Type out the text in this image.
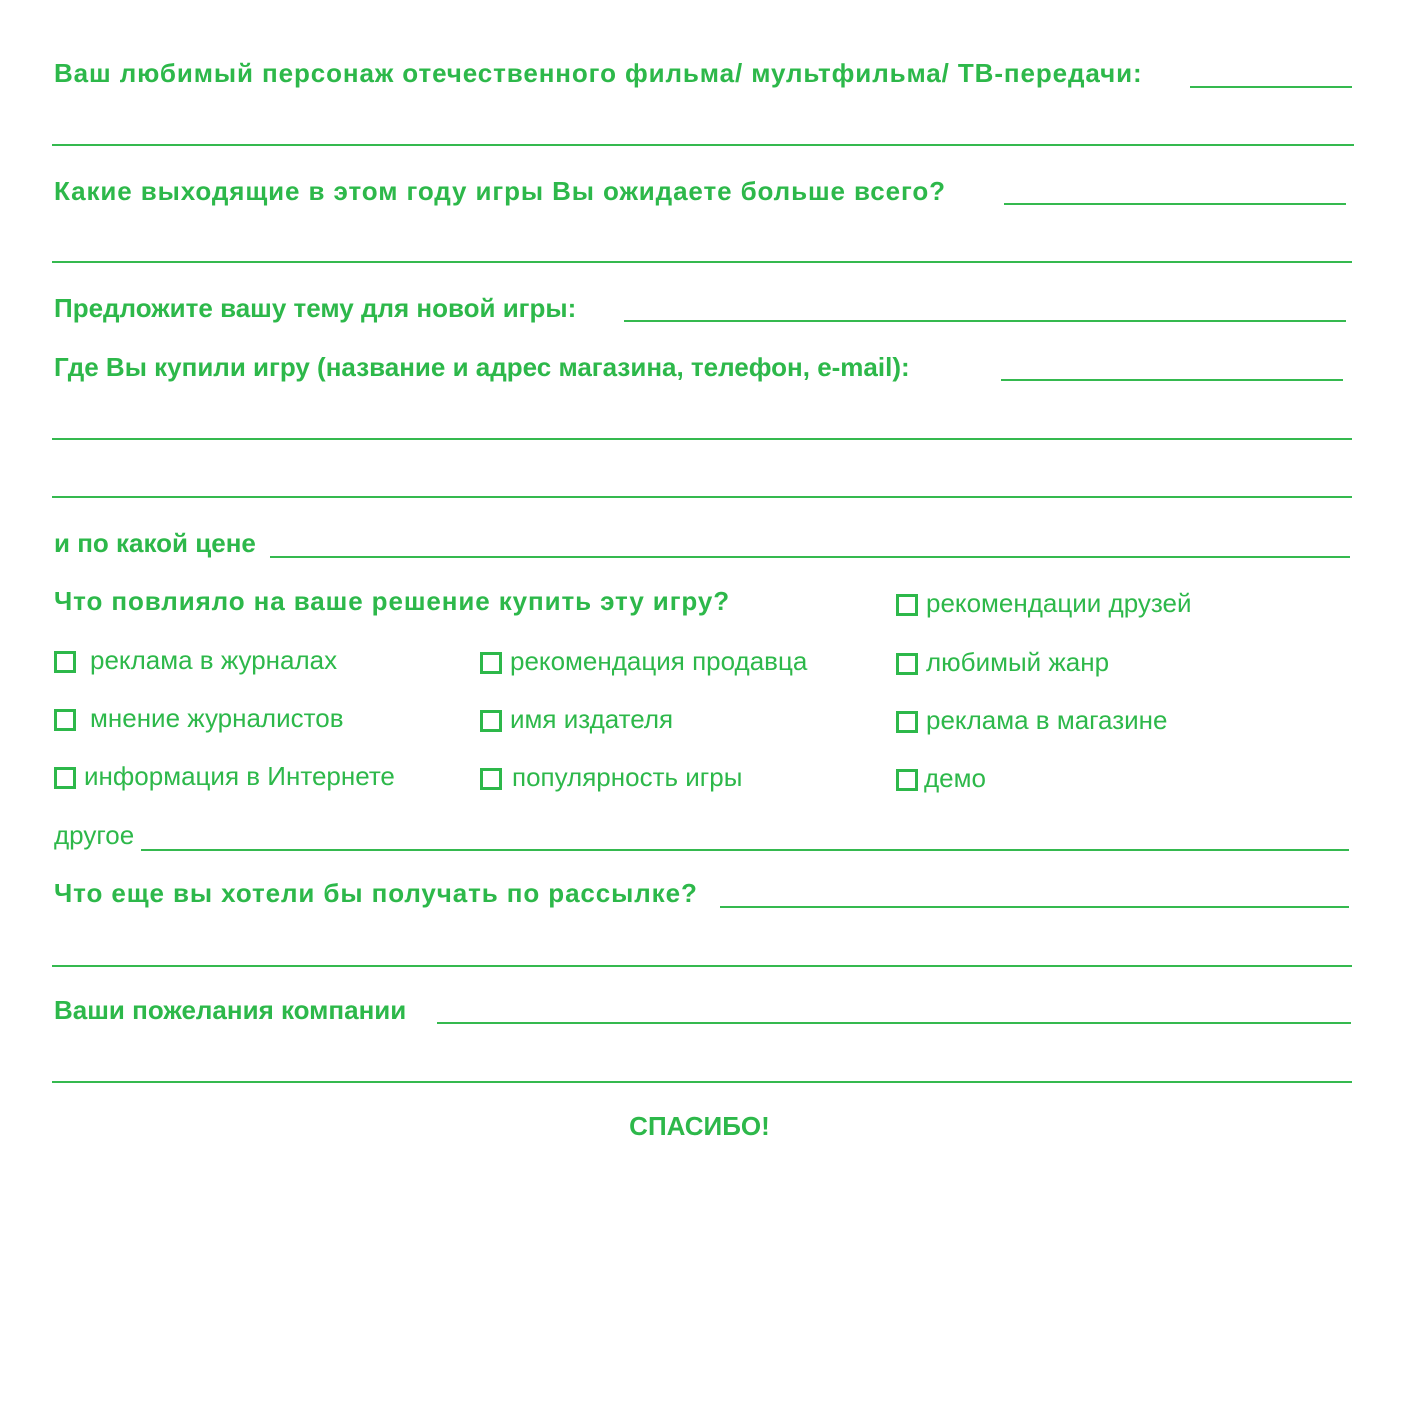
Ваш любимый персонаж отечественного фильма/ мультфильма/ ТВ-передачи:
Какие выходящие в этом году игры Вы ожидаете больше всего?
Предложите вашу тему для новой игры:
Где Вы купили игру (название и адрес магазина, телефон, e-mail):
и по какой цене
Что повлияло на ваше решение купить эту игру?	рекомендации друзей
реклама в журналах	рекомендация продавца	любимый жанр
мнение журналистов	имя издателя	реклама в магазине
информация в Интернете	популярность игры	демо
другое
Что еще вы хотели бы получать по рассылке?
Ваши пожелания компании
СПАСИБО!
